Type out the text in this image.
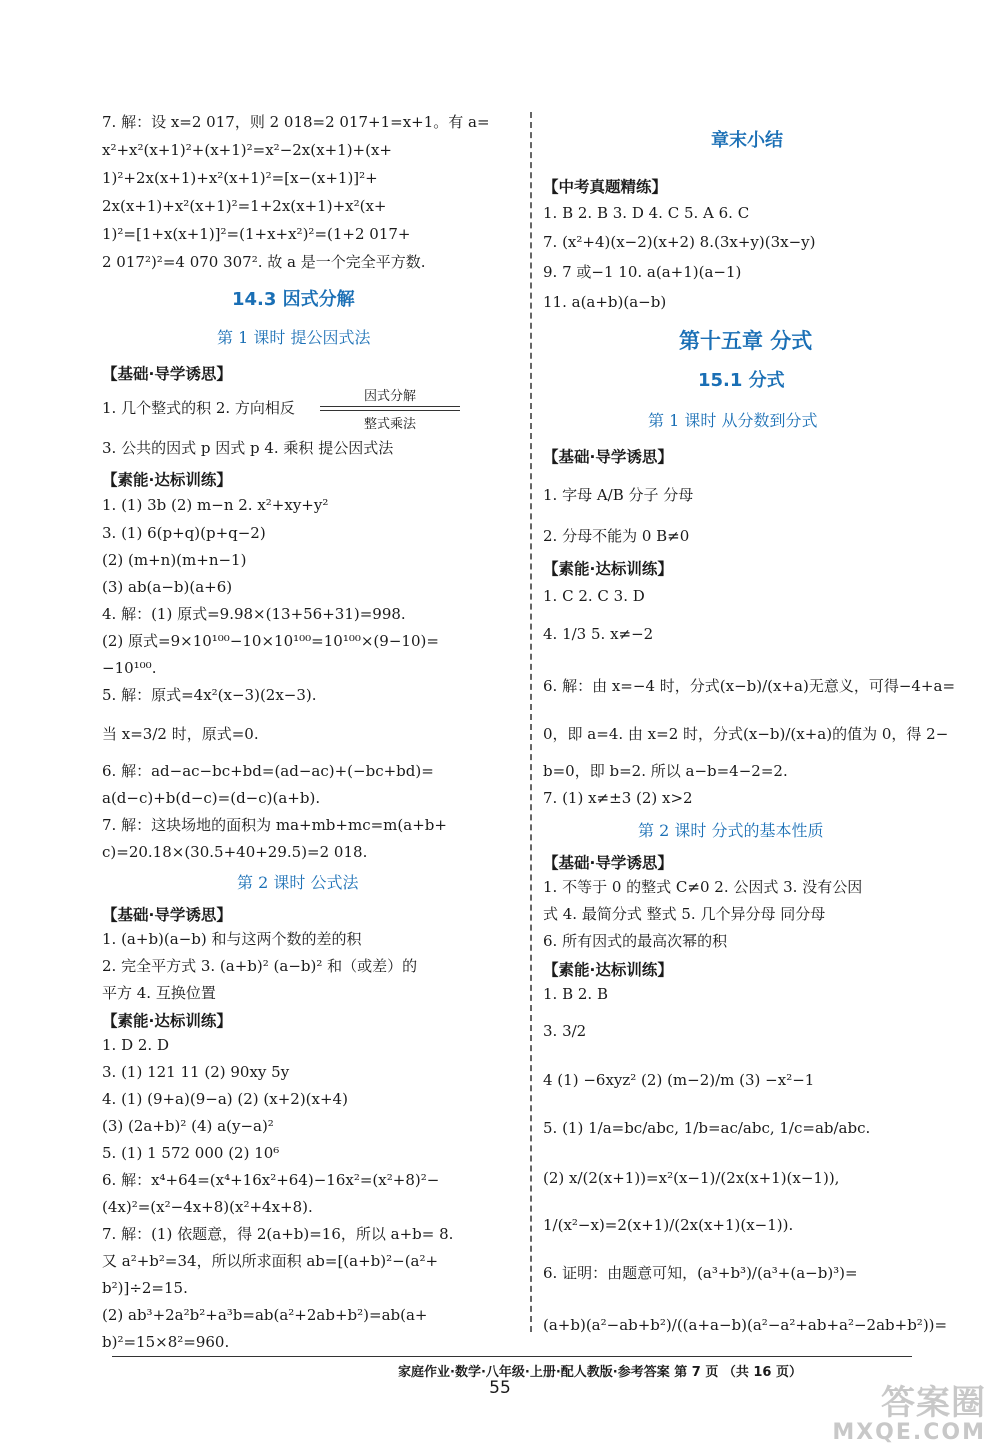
7. 解：设 x=2 017，则 2 018=2 017+1=x+1。有 a=
x²+x²(x+1)²+(x+1)²=x²−2x(x+1)+(x+
1)²+2x(x+1)+x²(x+1)²=[x−(x+1)]²+
2x(x+1)+x²(x+1)²=1+2x(x+1)+x²(x+
1)²=[1+x(x+1)]²=(1+x+x²)²=(1+2 017+
2 017²)²=4 070 307². 故 a 是一个完全平方数.
【基础·导学诱思】
1. 几个整式的积 2. 方向相反
3. 公共的因式 p 因式 p 4. 乘积 提公因式法
【素能·达标训练】
1. (1) 3b (2) m−n 2. x²+xy+y²
3. (1) 6(p+q)(p+q−2)
(2) (m+n)(m+n−1)
(3) ab(a−b)(a+6)
4. 解：(1) 原式=9.98×(13+56+31)=998.
(2) 原式=9×10¹⁰⁰−10×10¹⁰⁰=10¹⁰⁰×(9−10)=
−10¹⁰⁰.
5. 解：原式=4x²(x−3)(2x−3).
当 x=3/2 时，原式=0.
6. 解：ad−ac−bc+bd=(ad−ac)+(−bc+bd)=
a(d−c)+b(d−c)=(d−c)(a+b).
7. 解：这块场地的面积为 ma+mb+mc=m(a+b+
c)=20.18×(30.5+40+29.5)=2 018.
【基础·导学诱思】
1. (a+b)(a−b) 和与这两个数的差的积
2. 完全平方式 3. (a+b)² (a−b)² 和（或差）的
平方 4. 互换位置
【素能·达标训练】
1. D 2. D
3. (1) 121 11 (2) 90xy 5y
4. (1) (9+a)(9−a) (2) (x+2)(x+4)
(3) (2a+b)² (4) a(y−a)²
5. (1) 1 572 000 (2) 10⁶
6. 解：x⁴+64=(x⁴+16x²+64)−16x²=(x²+8)²−
(4x)²=(x²−4x+8)(x²+4x+8).
7. 解：(1) 依题意，得 2(a+b)=16，所以 a+b= 8.
又 a²+b²=34，所以所求面积 ab=[(a+b)²−(a²+
b²)]÷2=15.
(2) ab³+2a²b²+a³b=ab(a²+2ab+b²)=ab(a+
b)²=15×8²=960.
14.3 因式分解
第 1 课时 提公因式法
第 2 课时 公式法
因式分解
整式乘法
【中考真题精练】
1. B 2. B 3. D 4. C 5. A 6. C
7. (x²+4)(x−2)(x+2) 8.(3x+y)(3x−y)
9. 7 或−1 10. a(a+1)(a−1)
11. a(a+b)(a−b)
【基础·导学诱思】
1. 字母 A/B 分子 分母
2. 分母不能为 0 B≠0
【素能·达标训练】
1. C 2. C 3. D
4. 1/3 5. x≠−2
6. 解：由 x=−4 时，分式(x−b)/(x+a)无意义，可得−4+a=
0，即 a=4. 由 x=2 时，分式(x−b)/(x+a)的值为 0，得 2−
b=0，即 b=2. 所以 a−b=4−2=2.
7. (1) x≠±3 (2) x>2
【基础·导学诱思】
1. 不等于 0 的整式 C≠0 2. 公因式 3. 没有公因
式 4. 最简分式 整式 5. 几个异分母 同分母
6. 所有因式的最高次幂的积
【素能·达标训练】
1. B 2. B
3. 3/2
4 (1) −6xyz² (2) (m−2)/m (3) −x²−1
5. (1) 1/a=bc/abc, 1/b=ac/abc, 1/c=ab/abc.
(2) x/(2(x+1))=x²(x−1)/(2x(x+1)(x−1)),
1/(x²−x)=2(x+1)/(2x(x+1)(x−1)).
6. 证明：由题意可知，(a³+b³)/(a³+(a−b)³)=
(a+b)(a²−ab+b²)/((a+a−b)(a²−a²+ab+a²−2ab+b²))=
章末小结
第十五章 分式
15.1 分式
第 1 课时 从分数到分式
第 2 课时 分式的基本性质
家庭作业·数学·八年级·上册·配人教版·参考答案 第 7 页 （共 16 页）
55	答案圈
MXQE.COM
